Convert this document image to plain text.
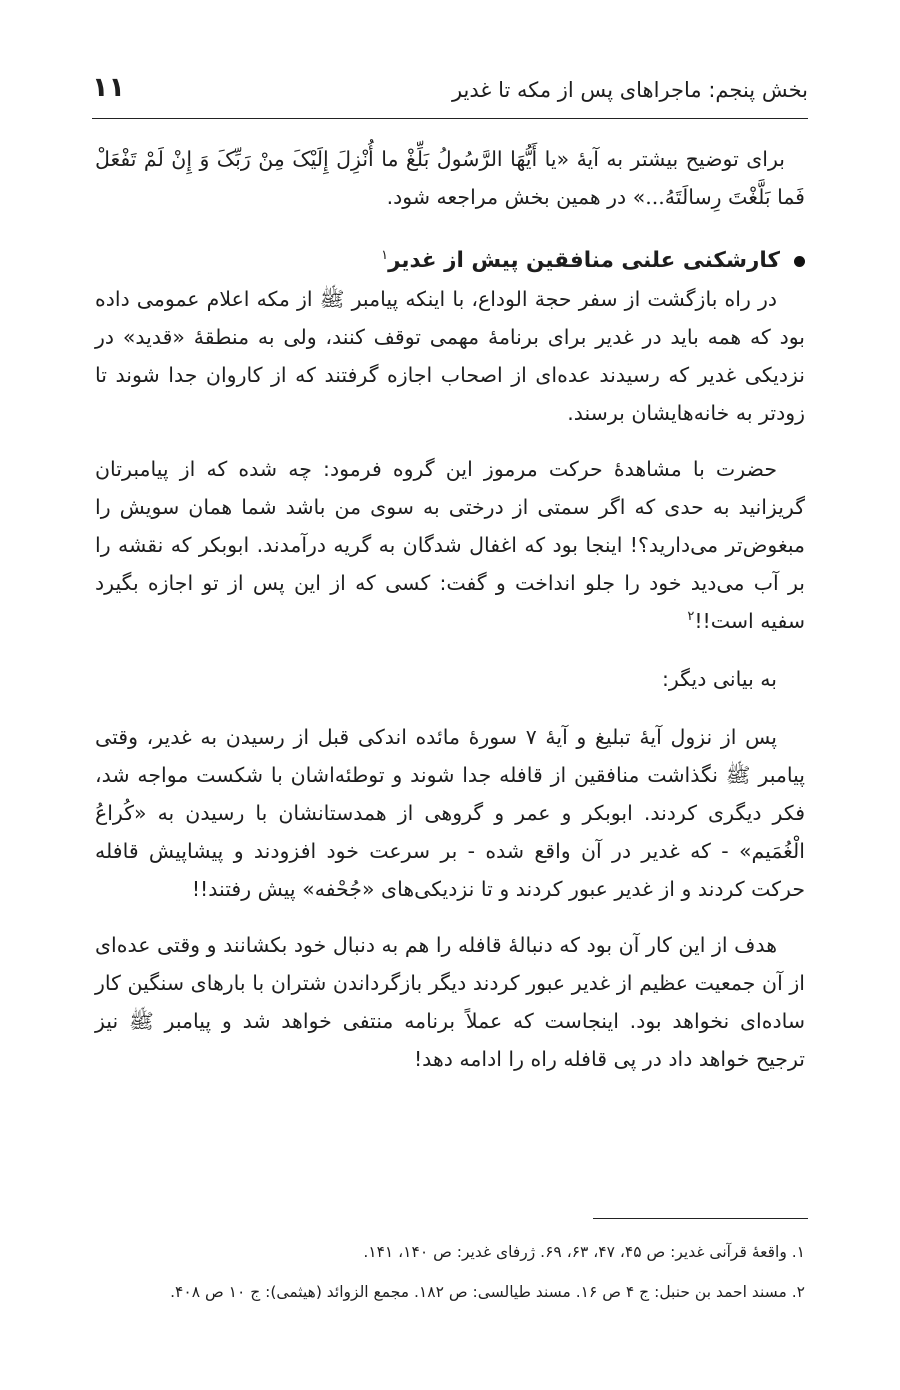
بخش پنجم: ماجراهای پس از مکه تا غدیر
۱۱

برای توضیح بیشتر به آیهٔ «یا أَیُّهَا الرَّسُولُ بَلِّغْ ما أُنْزِلَ إِلَیْکَ مِنْ رَبِّکَ وَ إِنْ لَمْ تَفْعَلْ فَما بَلَّغْتَ رِسالَتَهُ...» در همین بخش مراجعه شود.

کارشکنی علنی منافقین پیش از غدیر$^۱$

در راه بازگشت از سفر حجة الوداع، با اینکه پیامبر ﷺ از مکه اعلام عمومی داده بود که همه باید در غدیر برای برنامهٔ مهمی توقف کنند، ولی به منطقهٔ «قدید» در نزدیکی غدیر که رسیدند عده‌ای از اصحاب اجازه گرفتند که از کاروان جدا شوند تا زودتر به خانه‌هایشان برسند.

حضرت با مشاهدهٔ حرکت مرموز این گروه فرمود: چه شده که از پیامبرتان گریزانید به حدی که اگر سمتی از درختی به سوی من باشد شما همان سویش را مبغوض‌تر می‌دارید؟! اینجا بود که اغفال شدگان به گریه درآمدند. ابوبکر که نقشه را بر آب می‌دید خود را جلو انداخت و گفت: کسی که از این پس از تو اجازه بگیرد سفیه است!!$^۲$

به بیانی دیگر:

پس از نزول آیهٔ تبلیغ و آیهٔ ۷ سورهٔ مائده اندکی قبل از رسیدن به غدیر، وقتی پیامبر ﷺ نگذاشت منافقین از قافله جدا شوند و توطئه‌اشان با شکست مواجه شد، فکر دیگری کردند. ابوبکر و عمر و گروهی از همدستانشان با رسیدن به «کُراعُ الْغُمَیم» - که غدیر در آن واقع شده - بر سرعت خود افزودند و پیشاپیش قافله حرکت کردند و از غدیر عبور کردند و تا نزدیکی‌های «جُحْفه» پیش رفتند!!

هدف از این کار آن بود که دنبالهٔ قافله را هم به دنبال خود بکشانند و وقتی عده‌ای از آن جمعیت عظیم از غدیر عبور کردند دیگر بازگرداندن شتران با بارهای سنگین کار ساده‌ای نخواهد بود. اینجاست که عملاً برنامه منتفی خواهد شد و پیامبر ﷺ نیز ترجیح خواهد داد در پی قافله راه را ادامه دهد!

۱. واقعهٔ قرآنی غدیر: ص ۴۵، ۴۷، ۶۳، ۶۹. ژرفای غدیر: ص ۱۴۰، ۱۴۱.

۲. مسند احمد بن حنبل: ج ۴ ص ۱۶. مسند طیالسی: ص ۱۸۲. مجمع الزوائد (هیثمی): ج ۱۰ ص ۴۰۸.
